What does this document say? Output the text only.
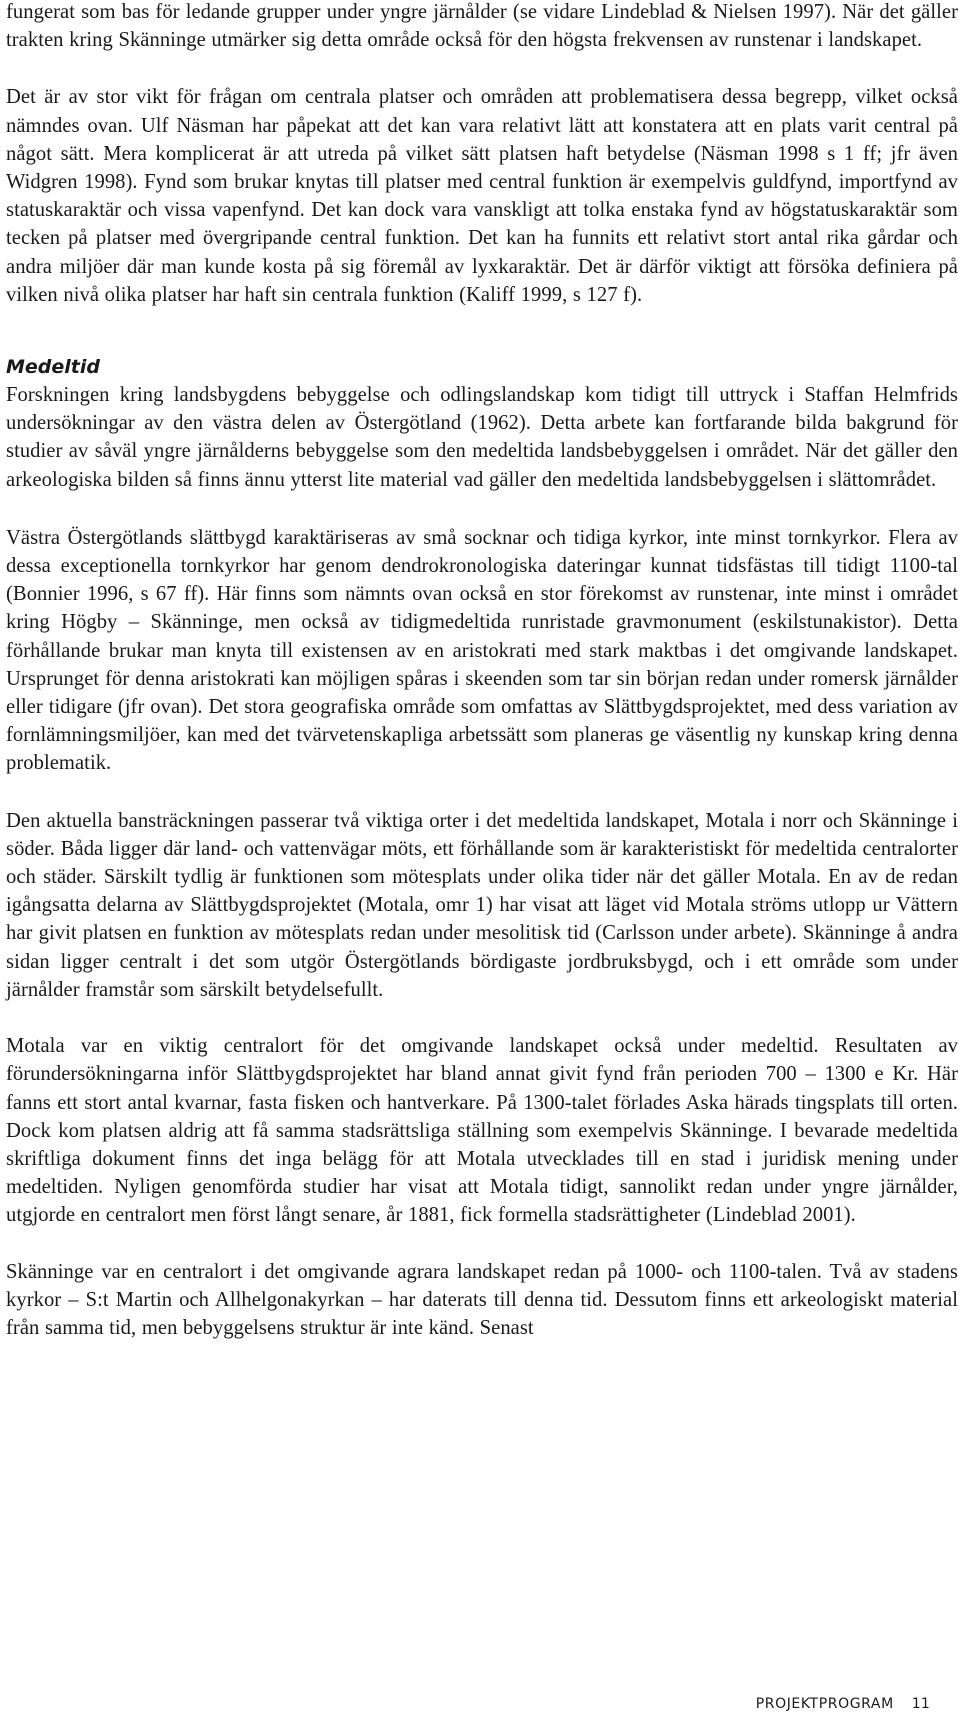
fungerat som bas för ledande grupper under yngre järnålder (se vidare Lindeblad & Nielsen 1997). När det gäller trakten kring Skänninge utmärker sig detta område också för den högsta frekvensen av runstenar i landskapet.

Det är av stor vikt för frågan om centrala platser och områden att problematisera dessa begrepp, vilket också nämndes ovan. Ulf Näsman har påpekat att det kan vara relativt lätt att konstatera att en plats varit central på något sätt. Mera komplicerat är att utreda på vilket sätt platsen haft betydelse (Näsman 1998 s 1 ff; jfr även Widgren 1998). Fynd som brukar knytas till platser med central funktion är exempelvis guldfynd, importfynd av statuskaraktär och vissa vapenfynd. Det kan dock vara vanskligt att tolka enstaka fynd av högstatuskaraktär som tecken på platser med övergripande central funktion. Det kan ha funnits ett relativt stort antal rika gårdar och andra miljöer där man kunde kosta på sig föremål av lyxkaraktär. Det är därför viktigt att försöka definiera på vilken nivå olika platser har haft sin centrala funktion (Kaliff 1999, s 127 f).

Medeltid

Forskningen kring landsbygdens bebyggelse och odlingslandskap kom tidigt till uttryck i Staffan Helmfrids undersökningar av den västra delen av Östergötland (1962). Detta arbete kan fortfarande bilda bakgrund för studier av såväl yngre järnålderns bebyggelse som den medeltida landsbebyggelsen i området. När det gäller den arkeologiska bilden så finns ännu ytterst lite material vad gäller den medeltida landsbebyggelsen i slättområdet.

Västra Östergötlands slättbygd karaktäriseras av små socknar och tidiga kyrkor, inte minst tornkyrkor. Flera av dessa exceptionella tornkyrkor har genom dendrokronologiska dateringar kunnat tidsfästas till tidigt 1100-tal (Bonnier 1996, s 67 ff). Här finns som nämnts ovan också en stor förekomst av runstenar, inte minst i området kring Högby – Skänninge, men också av tidigmedeltida runristade gravmonument (eskilstunakistor). Detta förhållande brukar man knyta till existensen av en aristokrati med stark maktbas i det omgivande landskapet. Ursprunget för denna aristokrati kan möjligen spåras i skeenden som tar sin början redan under romersk järnålder eller tidigare (jfr ovan). Det stora geografiska område som omfattas av Slättbygdsprojektet, med dess variation av fornlämningsmiljöer, kan med det tvärvetenskapliga arbetssätt som planeras ge väsentlig ny kunskap kring denna problematik.

Den aktuella bansträckningen passerar två viktiga orter i det medeltida landskapet, Motala i norr och Skänninge i söder. Båda ligger där land- och vattenvägar möts, ett förhållande som är karakteristiskt för medeltida centralorter och städer. Särskilt tydlig är funktionen som mötesplats under olika tider när det gäller Motala. En av de redan igångsatta delarna av Slättbygdsprojektet (Motala, omr 1) har visat att läget vid Motala ströms utlopp ur Vättern har givit platsen en funktion av mötesplats redan under mesolitisk tid (Carlsson under arbete). Skänninge å andra sidan ligger centralt i det som utgör Östergötlands bördigaste jordbruksbygd, och i ett område som under järnålder framstår som särskilt betydelsefullt.

Motala var en viktig centralort för det omgivande landskapet också under medeltid. Resultaten av förundersökningarna inför Slättbygdsprojektet har bland annat givit fynd från perioden 700 – 1300 e Kr. Här fanns ett stort antal kvarnar, fasta fisken och hantverkare. På 1300-talet förlades Aska härads tingsplats till orten. Dock kom platsen aldrig att få samma stadsrättsliga ställning som exempelvis Skänninge. I bevarade medeltida skriftliga dokument finns det inga belägg för att Motala utvecklades till en stad i juridisk mening under medeltiden. Nyligen genomförda studier har visat att Motala tidigt, sannolikt redan under yngre järnålder, utgjorde en centralort men först långt senare, år 1881, fick formella stadsrättigheter (Lindeblad 2001).

Skänninge var en centralort i det omgivande agrara landskapet redan på 1000- och 1100-talen. Två av stadens kyrkor – S:t Martin och Allhelgonakyrkan – har daterats till denna tid. Dessutom finns ett arkeologiskt material från samma tid, men bebyggelsens struktur är inte känd. Senast

PROJEKTPROGRAM 11
